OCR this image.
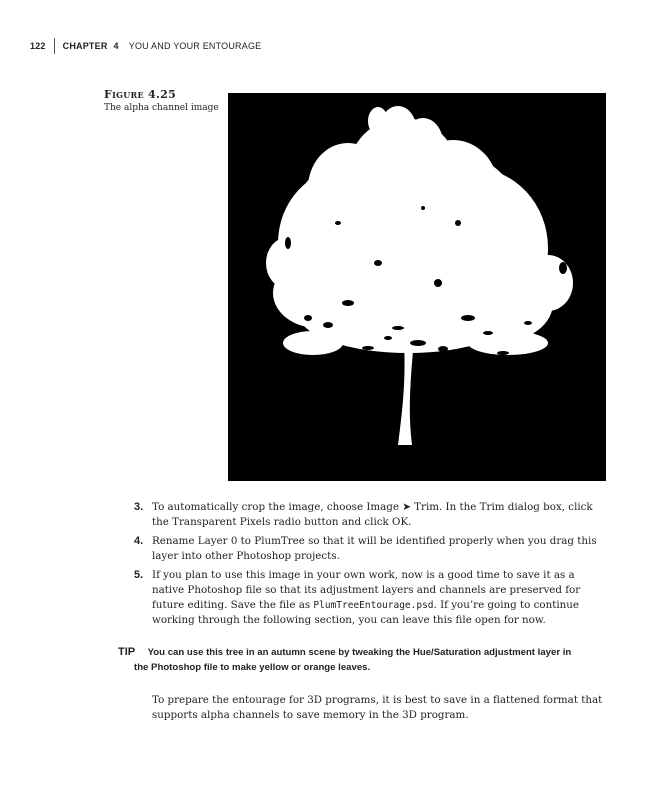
122	CHAPTER 4 YOU AND YOUR ENTOURAGE
Figure 4.25
The alpha channel image
3. To automatically crop the image, choose Image ➤ Trim. In the Trim dialog box, click the Transparent Pixels radio button and click OK.
4. Rename Layer 0 to PlumTree so that it will be identified properly when you drag this layer into other Photoshop projects.
5. If you plan to use this image in your own work, now is a good time to save it as a native Photoshop file so that its adjustment layers and channels are preserved for future editing. Save the file as PlumTreeEntourage.psd. If you’re going to continue working through the following section, you can leave this file open for now.
TIP You can use this tree in an autumn scene by tweaking the Hue/Saturation adjustment layer in
the Photoshop file to make yellow or orange leaves.

To prepare the entourage for 3D programs, it is best to save in a flattened format that supports alpha channels to save memory in the 3D program.
